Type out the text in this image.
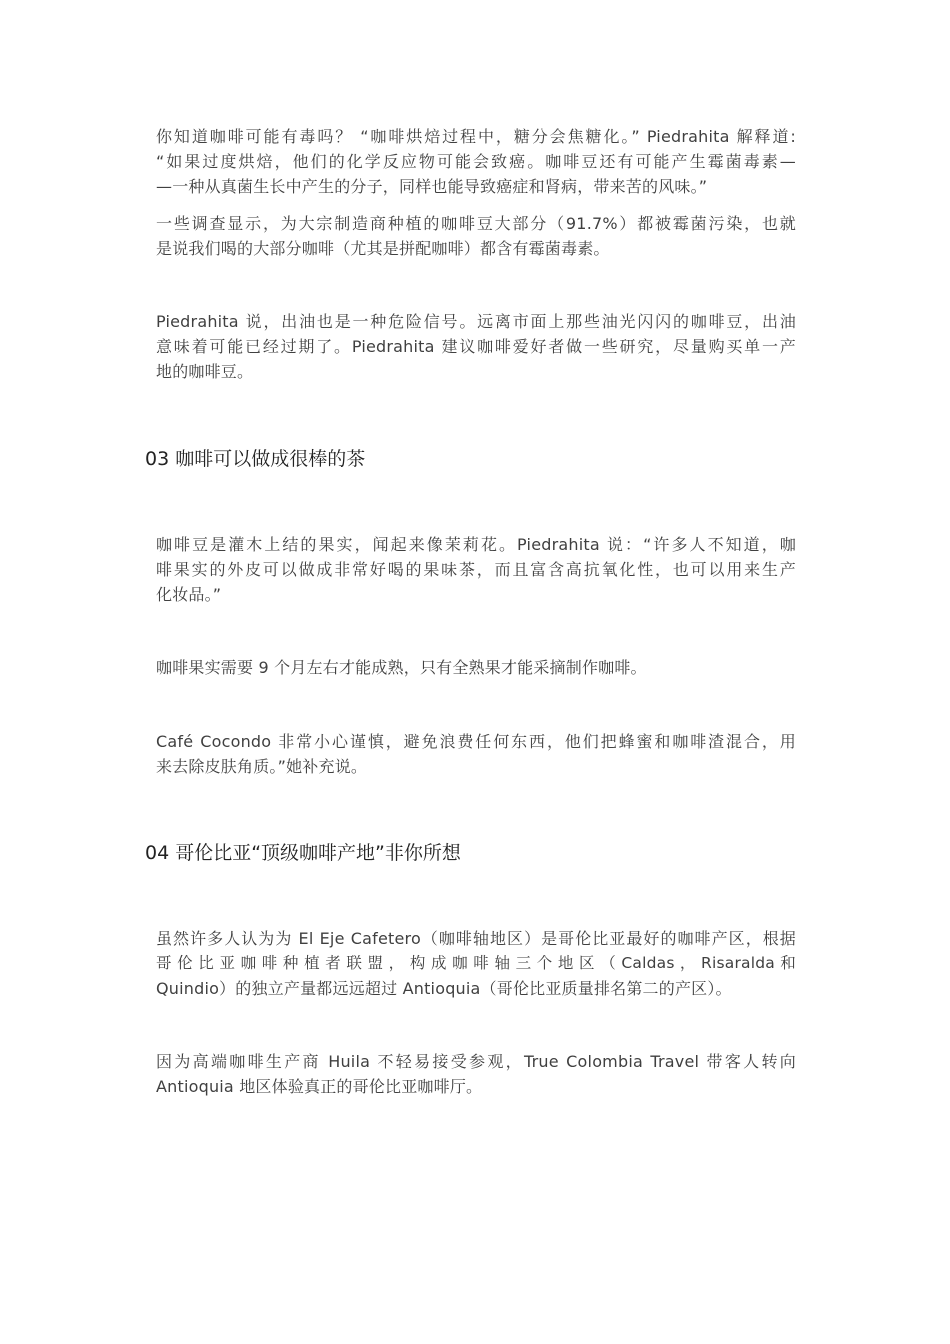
你知道咖啡可能有毒吗？ “咖啡烘焙过程中，糖分会焦糖化。” Piedrahita 解释道:
“如果过度烘焙，他们的化学反应物可能会致癌。咖啡豆还有可能产生霉菌毒素—
—一种从真菌生长中产生的分子，同样也能导致癌症和肾病，带来苦的风味。”
一些调查显示，为大宗制造商种植的咖啡豆大部分（91.7%）都被霉菌污染，也就
是说我们喝的大部分咖啡（尤其是拼配咖啡）都含有霉菌毒素。
Piedrahita 说，出油也是一种危险信号。远离市面上那些油光闪闪的咖啡豆，出油
意味着可能已经过期了。Piedrahita 建议咖啡爱好者做一些研究，尽量购买单一产
地的咖啡豆。
03 咖啡可以做成很棒的茶
咖啡豆是灌木上结的果实，闻起来像茉莉花。Piedrahita 说：“许多人不知道，咖
啡果实的外皮可以做成非常好喝的果味茶，而且富含高抗氧化性，也可以用来生产
化妆品。”
咖啡果实需要 9 个月左右才能成熟，只有全熟果才能采摘制作咖啡。
Café Cocondo 非常小心谨慎，避免浪费任何东西，他们把蜂蜜和咖啡渣混合，用
来去除皮肤角质。”她补充说。
04 哥伦比亚“顶级咖啡产地”非你所想
虽然许多人认为为 El Eje Cafetero（咖啡轴地区）是哥伦比亚最好的咖啡产区，根据
哥 伦 比 亚 咖 啡 种 植 者 联 盟 ， 构 成 咖 啡 轴 三 个 地 区 （ Caldas ， Risaralda 和
Quindio）的独立产量都远远超过 Antioquia（哥伦比亚质量排名第二的产区）。
因为高端咖啡生产商 Huila 不轻易接受参观，True Colombia Travel 带客人转向
Antioquia 地区体验真正的哥伦比亚咖啡厅。
